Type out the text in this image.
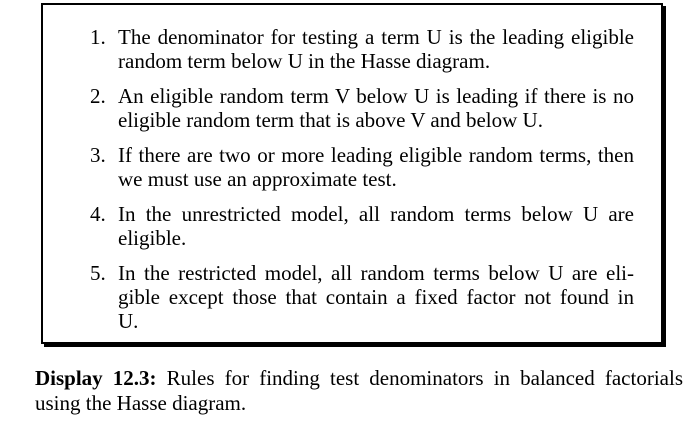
1. The denominator for testing a term U is the leading eligible
random term below U in the Hasse diagram.
2. An eligible random term V below U is leading if there is no
eligible random term that is above V and below U.
3. If there are two or more leading eligible random terms, then
we must use an approximate test.
4. In the unrestricted model, all random terms below U are
eligible.
5. In the restricted model, all random terms below U are eli-
gible except those that contain a fixed factor not found in
U.
Display 12.3: Rules for finding test denominators in balanced factorials
using the Hasse diagram.
